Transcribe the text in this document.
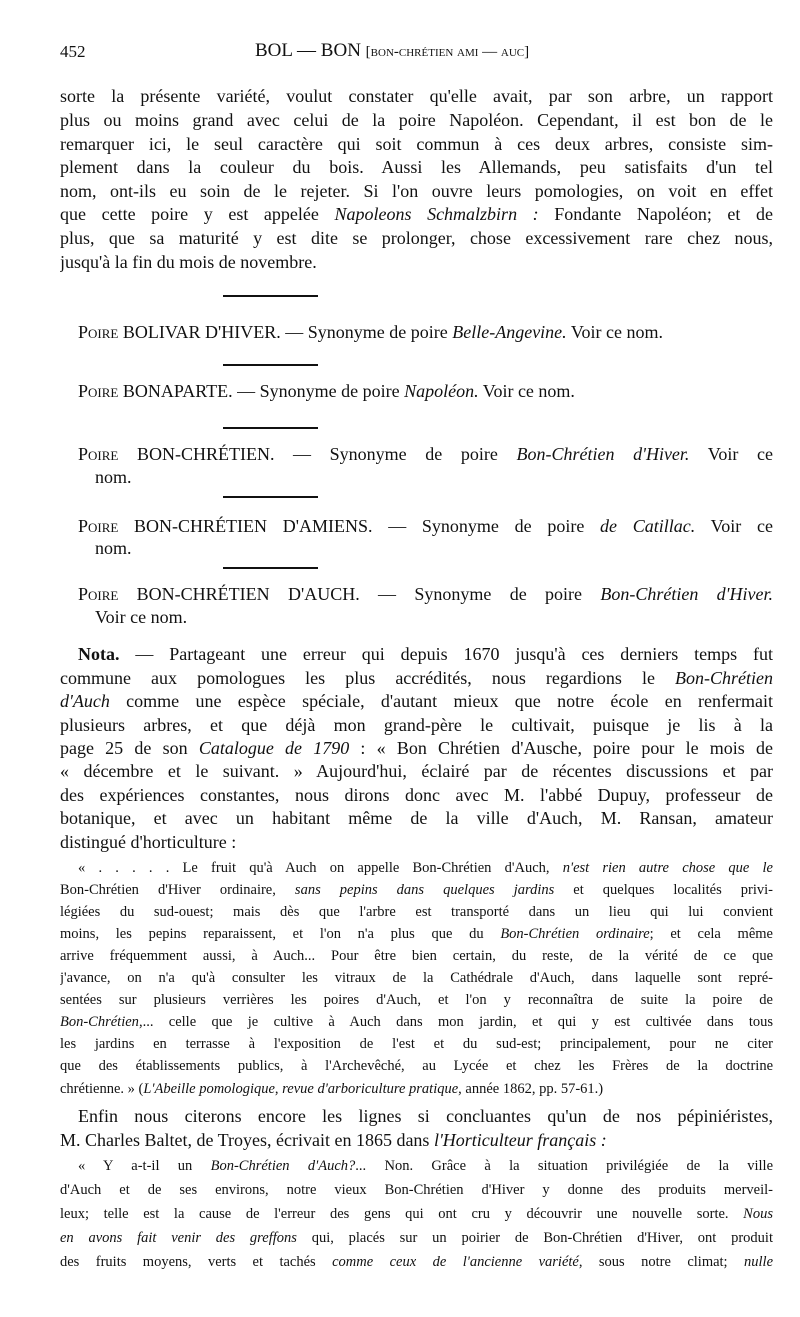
452	BOL — BON [bon-chrétien ami — auc]
sorte la présente variété, voulut constater qu'elle avait, par son arbre, un rapport
plus ou moins grand avec celui de la poire Napoléon. Cependant, il est bon de le
remarquer ici, le seul caractère qui soit commun à ces deux arbres, consiste sim-
plement dans la couleur du bois. Aussi les Allemands, peu satisfaits d'un tel
nom, ont-ils eu soin de le rejeter. Si l'on ouvre leurs pomologies, on voit en effet
que cette poire y est appelée Napoleons Schmalzbirn : Fondante Napoléon; et de
plus, que sa maturité y est dite se prolonger, chose excessivement rare chez nous,
jusqu'à la fin du mois de novembre.
Poire BOLIVAR D'HIVER. — Synonyme de poire Belle-Angevine. Voir ce nom.
Poire BONAPARTE. — Synonyme de poire Napoléon. Voir ce nom.
Poire BON-CHRÉTIEN. — Synonyme de poire Bon-Chrétien d'Hiver. Voir ce
nom.
Poire BON-CHRÉTIEN D'AMIENS. — Synonyme de poire de Catillac. Voir ce
nom.
Poire BON-CHRÉTIEN D'AUCH. — Synonyme de poire Bon-Chrétien d'Hiver.
Voir ce nom.
Nota. — Partageant une erreur qui depuis 1670 jusqu'à ces derniers temps fut
commune aux pomologues les plus accrédités, nous regardions le Bon-Chrétien
d'Auch comme une espèce spéciale, d'autant mieux que notre école en renfermait
plusieurs arbres, et que déjà mon grand-père le cultivait, puisque je lis à la
page 25 de son Catalogue de 1790 : « Bon Chrétien d'Ausche, poire pour le mois de
« décembre et le suivant. » Aujourd'hui, éclairé par de récentes discussions et par
des expériences constantes, nous dirons donc avec M. l'abbé Dupuy, professeur de
botanique, et avec un habitant même de la ville d'Auch, M. Ransan, amateur
distingué d'horticulture :
« . . . . . Le fruit qu'à Auch on appelle Bon-Chrétien d'Auch, n'est rien autre chose que le
Bon-Chrétien d'Hiver ordinaire, sans pepins dans quelques jardins et quelques localités privi-
légiées du sud-ouest; mais dès que l'arbre est transporté dans un lieu qui lui convient
moins, les pepins reparaissent, et l'on n'a plus que du Bon-Chrétien ordinaire; et cela même
arrive fréquemment aussi, à Auch... Pour être bien certain, du reste, de la vérité de ce que
j'avance, on n'a qu'à consulter les vitraux de la Cathédrale d'Auch, dans laquelle sont repré-
sentées sur plusieurs verrières les poires d'Auch, et l'on y reconnaîtra de suite la poire de
Bon-Chrétien,... celle que je cultive à Auch dans mon jardin, et qui y est cultivée dans tous
les jardins en terrasse à l'exposition de l'est et du sud-est; principalement, pour ne citer
que des établissements publics, à l'Archevêché, au Lycée et chez les Frères de la doctrine
chrétienne. » (L'Abeille pomologique, revue d'arboriculture pratique, année 1862, pp. 57-61.)
Enfin nous citerons encore les lignes si concluantes qu'un de nos pépiniéristes,
M. Charles Baltet, de Troyes, écrivait en 1865 dans l'Horticulteur français :
« Y a-t-il un Bon-Chrétien d'Auch?... Non. Grâce à la situation privilégiée de la ville
d'Auch et de ses environs, notre vieux Bon-Chrétien d'Hiver y donne des produits merveil-
leux; telle est la cause de l'erreur des gens qui ont cru y découvrir une nouvelle sorte. Nous
en avons fait venir des greffons qui, placés sur un poirier de Bon-Chrétien d'Hiver, ont produit
des fruits moyens, verts et tachés comme ceux de l'ancienne variété, sous notre climat; nulle
